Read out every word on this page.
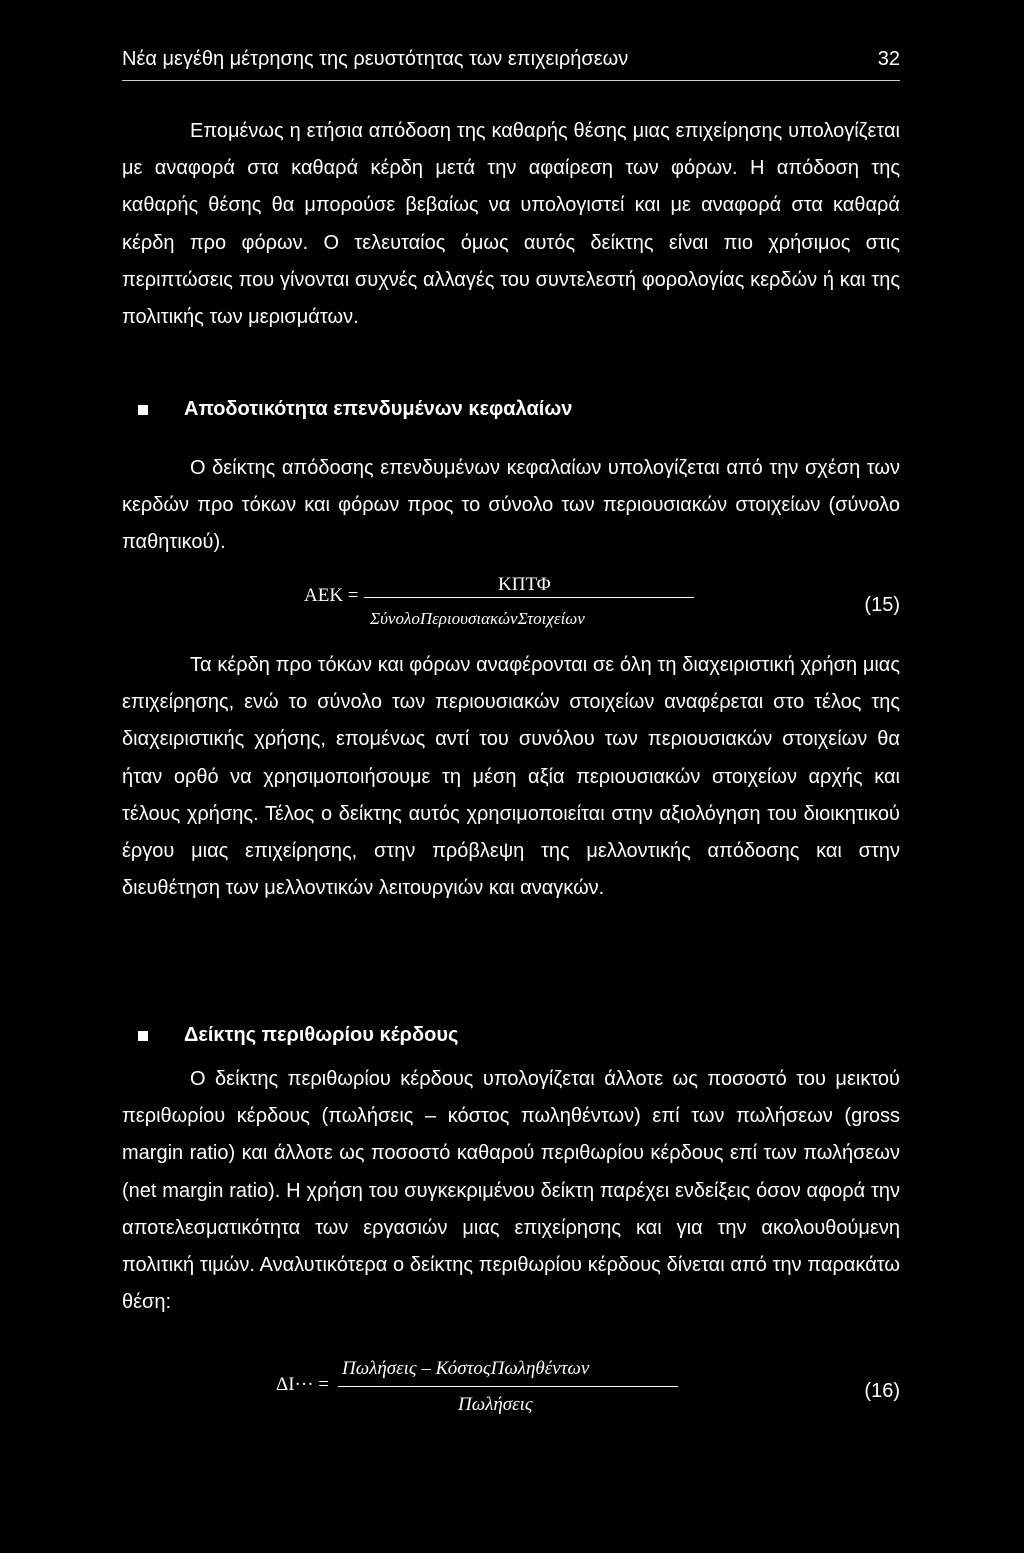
Νέα μεγέθη μέτρησης της ρευστότητας των επιχειρήσεων	32

Επομένως η ετήσια απόδοση της καθαρής θέσης μιας επιχείρησης υπολογίζεται με αναφορά στα καθαρά κέρδη μετά την αφαίρεση των φόρων. Η απόδοση της καθαρής θέσης θα μπορούσε βεβαίως να υπολογιστεί και με αναφορά στα καθαρά κέρδη προ φόρων. Ο τελευταίος όμως αυτός δείκτης είναι πιο χρήσιμος στις περιπτώσεις που γίνονται συχνές αλλαγές του συντελεστή φορολογίας κερδών ή και της πολιτικής των μερισμάτων.

Αποδοτικότητα επενδυμένων κεφαλαίων

Ο δείκτης απόδοσης επενδυμένων κεφαλαίων υπολογίζεται από την σχέση των κερδών προ τόκων και φόρων προς το σύνολο των περιουσιακών στοιχείων (σύνολο παθητικού).

ΑΕΚ =
ΚΠΤΦ
ΣύνολοΠεριουσιακώνΣτοιχείων
(15)

Τα κέρδη προ τόκων και φόρων αναφέρονται σε όλη τη διαχειριστική χρήση μιας επιχείρησης, ενώ το σύνολο των περιουσιακών στοιχείων αναφέρεται στο τέλος της διαχειριστικής χρήσης, επομένως αντί του συνόλου των περιουσιακών στοιχείων θα ήταν ορθό να χρησιμοποιήσουμε τη μέση αξία περιουσιακών στοιχείων αρχής και τέλους χρήσης. Τέλος ο δείκτης αυτός χρησιμοποιείται στην αξιολόγηση του διοικητικού έργου μιας επιχείρησης, στην πρόβλεψη της μελλοντικής απόδοσης και στην διευθέτηση των μελλοντικών λειτουργιών και αναγκών.

Δείκτης περιθωρίου κέρδους

Ο δείκτης περιθωρίου κέρδους υπολογίζεται άλλοτε ως ποσοστό του μεικτού περιθωρίου κέρδους (πωλήσεις – κόστος πωληθέντων) επί των πωλήσεων (gross margin ratio) και άλλοτε ως ποσοστό καθαρού περιθωρίου κέρδους επί των πωλήσεων (net margin ratio). Η χρήση του συγκεκριμένου δείκτη παρέχει ενδείξεις όσον αφορά την αποτελεσματικότητα των εργασιών μιας επιχείρησης και για την ακολουθούμενη πολιτική τιμών. Αναλυτικότερα ο δείκτης περιθωρίου κέρδους δίνεται από την παρακάτω θέση:

ΔΙ··· =
Πωλήσεις – ΚόστοςΠωληθέντων
Πωλήσεις
(16)
